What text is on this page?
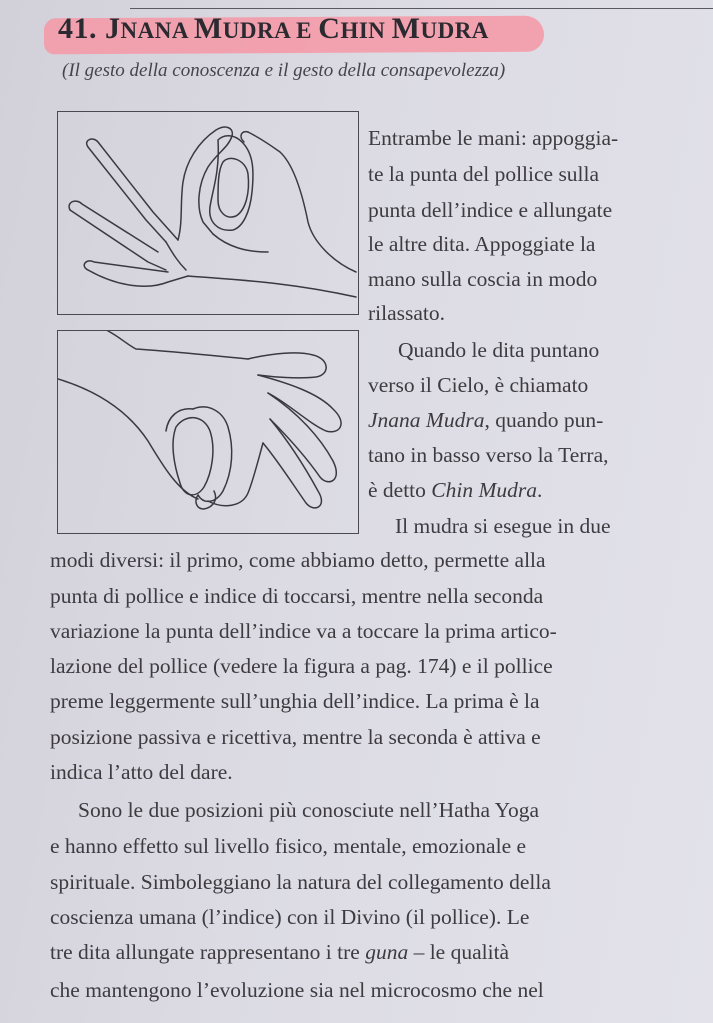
41. JNANA MUDRA E CHIN MUDRA
(Il gesto della conoscenza e il gesto della consapevolezza)
Entrambe le mani: appoggia-
te la punta del pollice sulla
punta dell’indice e allungate
le altre dita. Appoggiate la
mano sulla coscia in modo
rilassato.
Quando le dita puntano
verso il Cielo, è chiamato
Jnana Mudra, quando pun-
tano in basso verso la Terra,
è detto Chin Mudra.
Il mudra si esegue in due
modi diversi: il primo, come abbiamo detto, permette alla
punta di pollice e indice di toccarsi, mentre nella seconda
variazione la punta dell’indice va a toccare la prima artico-
lazione del pollice (vedere la figura a pag. 174) e il pollice
preme leggermente sull’unghia dell’indice. La prima è la
posizione passiva e ricettiva, mentre la seconda è attiva e
indica l’atto del dare.
Sono le due posizioni più conosciute nell’Hatha Yoga
e hanno effetto sul livello fisico, mentale, emozionale e
spirituale. Simboleggiano la natura del collegamento della
coscienza umana (l’indice) con il Divino (il pollice). Le
tre dita allungate rappresentano i tre guna – le qualità
che mantengono l’evoluzione sia nel microcosmo che nel
